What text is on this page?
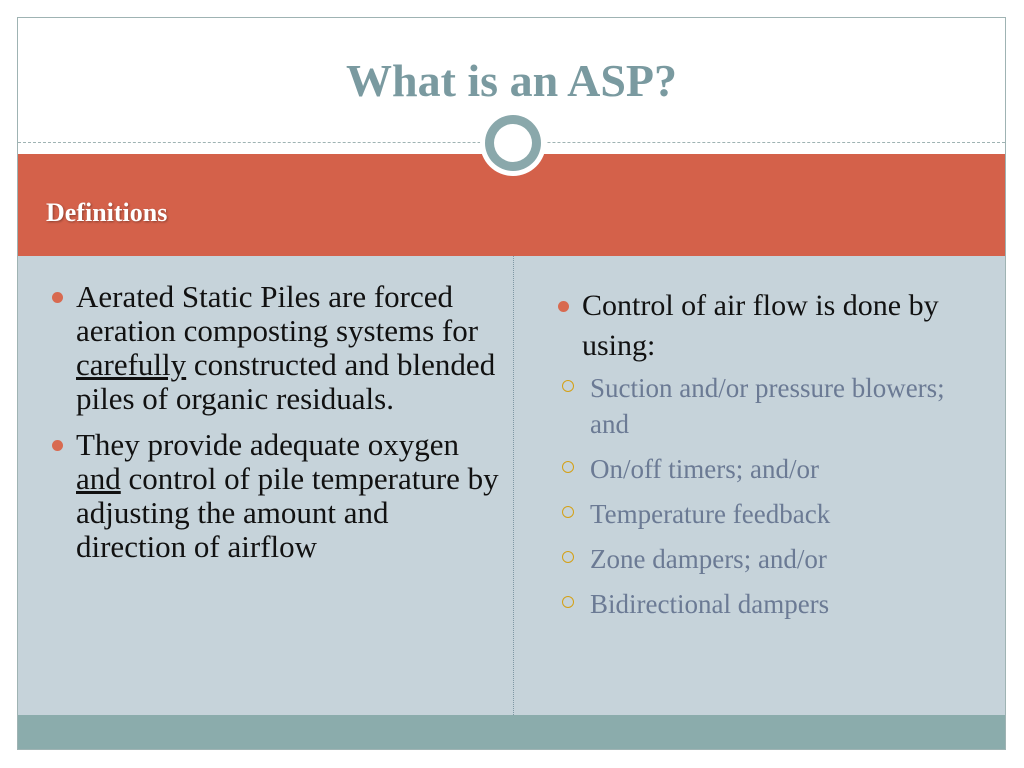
What is an ASP?
Definitions
Aerated Static Piles are forced aeration composting systems for carefully constructed and blended piles of organic residuals.
They provide adequate oxygen and control of pile temperature by adjusting the amount and direction of airflow
Control of air flow is done by using:
Suction and/or pressure blowers; and
On/off timers; and/or
Temperature feedback
Zone dampers; and/or
Bidirectional dampers
